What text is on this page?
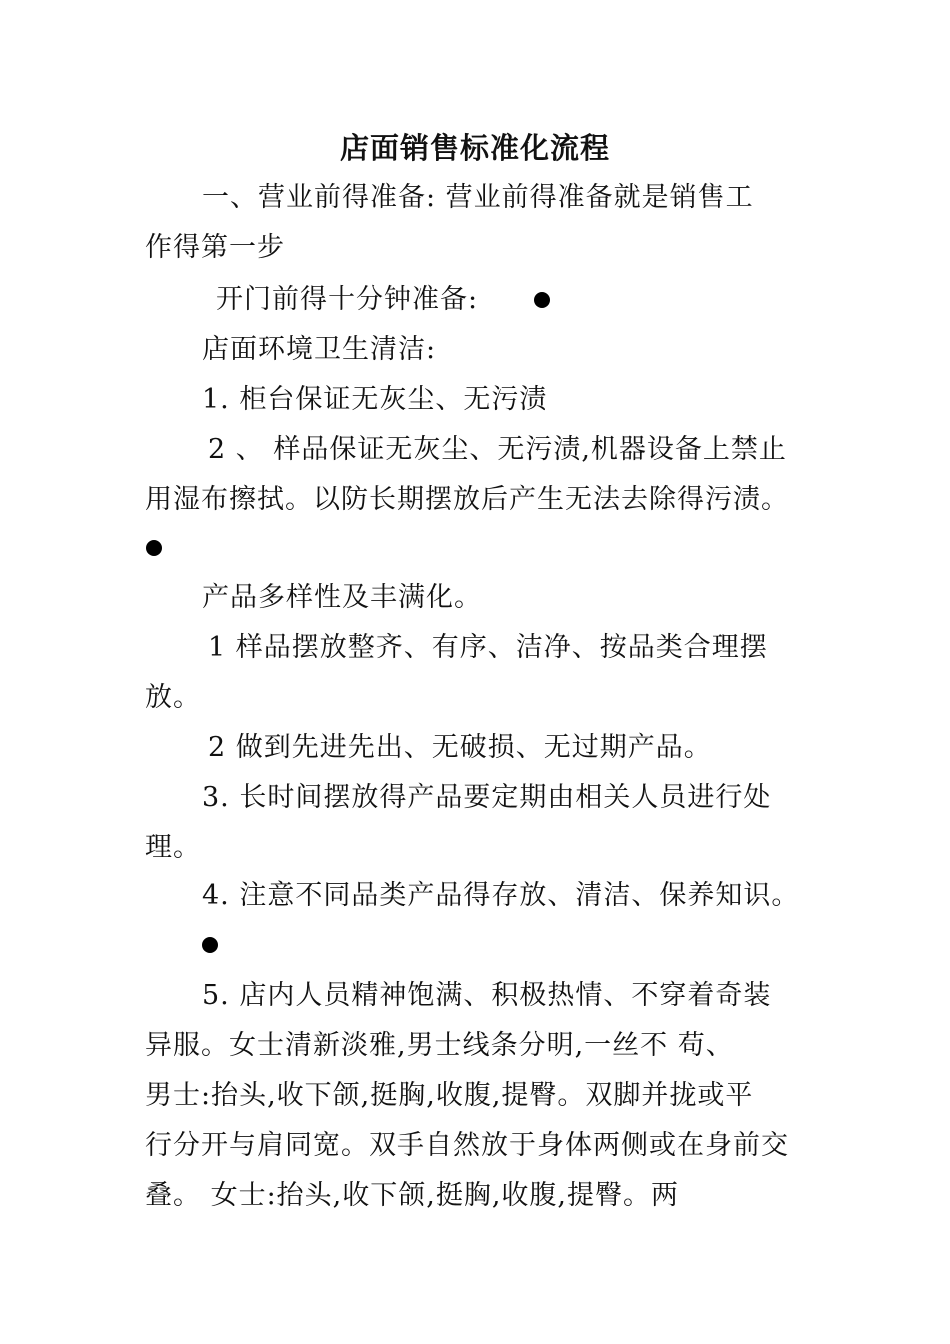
店面销售标准化流程
一、营业前得准备: 营业前得准备就是销售工
作得第一步
开门前得十分钟准备:
店面环境卫生清洁:
1. 柜台保证无灰尘、无污渍
2 、 样品保证无灰尘、无污渍,机器设备上禁止
用湿布擦拭。以防长期摆放后产生无法去除得污渍。
产品多样性及丰满化。
1 样品摆放整齐、有序、洁净、按品类合理摆
放。
2 做到先进先出、无破损、无过期产品。
3. 长时间摆放得产品要定期由相关人员进行处
理。
4. 注意不同品类产品得存放、清洁、保养知识。
5. 店内人员精神饱满、积极热情、不穿着奇装
异服。女士清新淡雅,男士线条分明,一丝不 苟、
男士:抬头,收下颌,挺胸,收腹,提臀。双脚并拢或平
行分开与肩同宽。双手自然放于身体两侧或在身前交
叠。 女士:抬头,收下颌,挺胸,收腹,提臀。两
